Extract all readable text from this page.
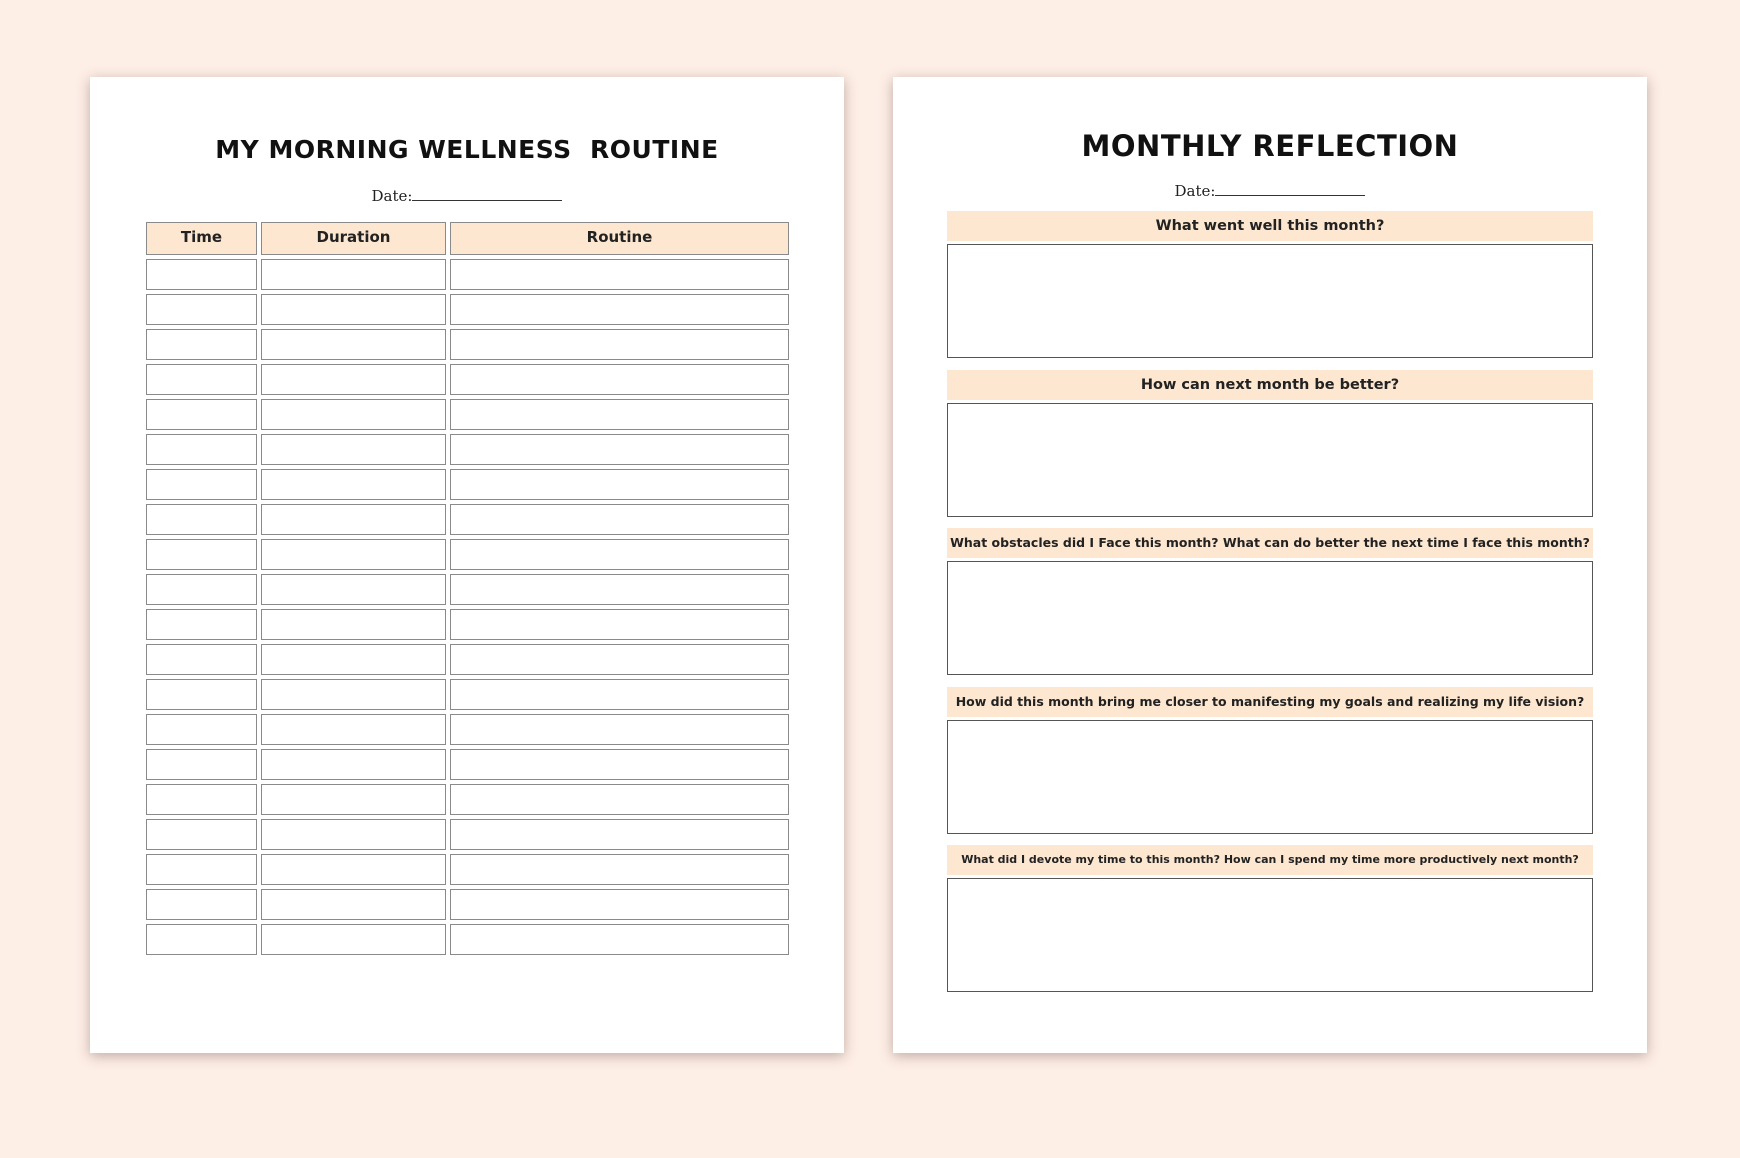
MY MORNING WELLNESS  ROUTINE
Date:
Time	Duration	Routine
MONTHLY REFLECTION
Date:
What went well this month?
How can next month be better?
What obstacles did I Face this month? What can do better the next time I face this month?
How did this month bring me closer to manifesting my goals and realizing my life vision?
What did I devote my time to this month? How can I spend my time more productively next month?
